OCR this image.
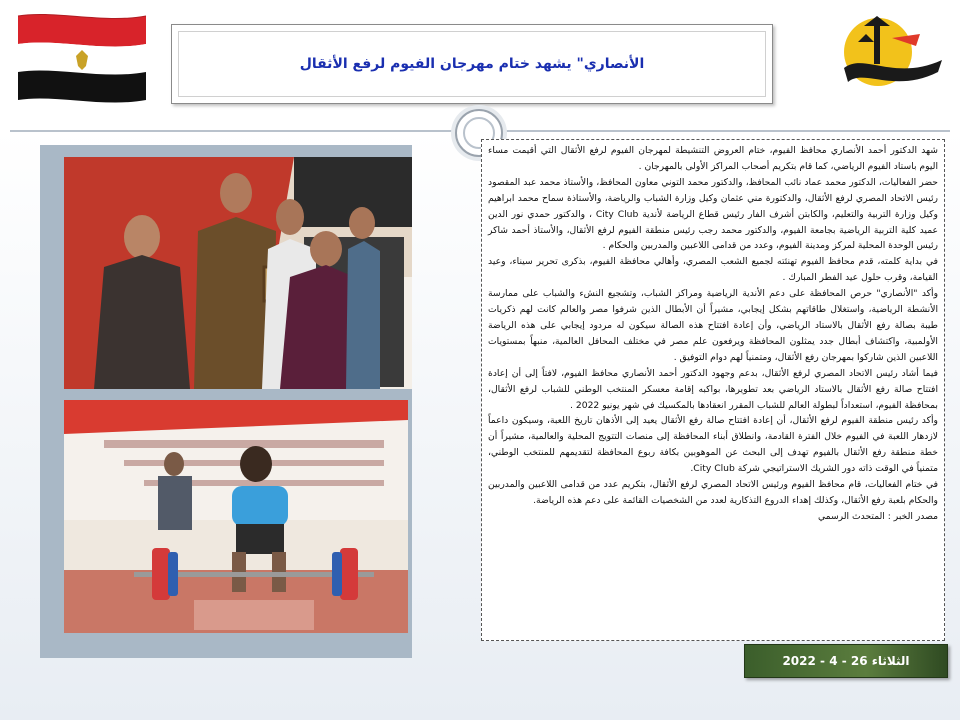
الأنصاري" يشهد ختام مهرجان الفيوم لرفع الأثقال

شهد الدكتور أحمد الأنصاري محافظ الفيوم، ختام العروض التنشيطة لمهرجان الفيوم لرفع الأثقال التي أقيمت مساء اليوم باستاد الفيوم الرياضي، كما قام بتكريم أصحاب المراكز الأولى بالمهرجان .

حضر الفعاليات، الدكتور محمد عماد نائب المحافظ، والدكتور محمد التوني معاون المحافظ، والأستاذ محمد عبد المقصود رئيس الاتحاد المصري لرفع الأثقال، والدكتورة مني عثمان وكيل وزارة الشباب والرياضة، والأستاذة سماح محمد ابراهيم وكيل وزارة التربية والتعليم، والكابتن أشرف الفار رئيس قطاع الرياضة لأندية City Club ، والدكتور حمدي نور الدين عميد كلية التربية الرياضية بجامعة الفيوم، والدكتور محمد رجب رئيس منطقة الفيوم لرفع الأثقال، والأستاذ أحمد شاكر رئيس الوحدة المحلية لمركز ومدينة الفيوم، وعدد من قدامى اللاعبين والمدربين والحكام .

في بداية كلمته، قدم محافظ الفيوم تهنئته لجميع الشعب المصري، وأهالي محافظة الفيوم، بذكرى تحرير سيناء، وعيد القيامة، وقرب حلول عيد الفطر المبارك .

وأكد "الأنصاري" حرص المحافظة على دعم الأندية الرياضية ومراكز الشباب، وتشجيع النشء والشباب على ممارسة الأنشطة الرياضية، واستغلال طاقاتهم بشكل إيجابي، مشيراً أن الأبطال الذين شرفوا مصر والعالم كانت لهم ذكريات طيبة بصالة رفع الأثقال بالاستاد الرياضي، وأن إعادة افتتاح هذه الصالة سيكون له مردود إيجابي على هذه الرياضة الأولمبية، واكتشاف أبطال جدد يمثلون المحافظة ويرفعون علم مصر في مختلف المحافل العالمية، منبهاً بمستويات اللاعبين الذين شاركوا بمهرجان رفع الأثقال، ومتمنياً لهم دوام التوفيق .

فيما أشاد رئيس الاتحاد المصري لرفع الأثقال، بدعم وجهود الدكتور أحمد الأنصاري محافظ الفيوم، لافتاً إلى أن إعادة افتتاح صالة رفع الأثقال بالاستاد الرياضي بعد تطويرها، بواكبه إقامة معسكر المنتخب الوطني للشباب لرفع الأثقال، بمحافظة الفيوم، استعداداً لبطولة العالم للشباب المقرر انعقادها بالمكسيك في شهر يونيو 2022 .

وأكد رئيس منطقة الفيوم لرفع الأثقال، أن إعادة افتتاح صالة رفع الأثقال يعيد إلى الأذهان تاريخ اللعبة، وسيكون داعماً لازدهار اللعبة في الفيوم خلال الفترة القادمة، وانطلاق أبناء المحافظة إلى منصات التتويج المحلية والعالمية، مشيراً أن خطة منطقة رفع الأثقال بالفيوم تهدف إلى البحث عن الموهوبين بكافة ربوع المحافظة لتقديمهم للمنتخب الوطني، متمنياً في الوقت ذاته دور الشريك الاستراتيجي شركة City Club.

في ختام الفعاليات، قام محافظ الفيوم ورئيس الاتحاد المصري لرفع الأثقال، بتكريم عدد من قدامى اللاعبين والمدربين والحكام بلعبة رفع الأثقال، وكذلك إهداء الدروع التذكارية لعدد من الشخصيات القائمة على دعم هذه الرياضة.

مصدر الخبر : المتحدث الرسمي

الثلاثاء 26 - 4 - 2022
